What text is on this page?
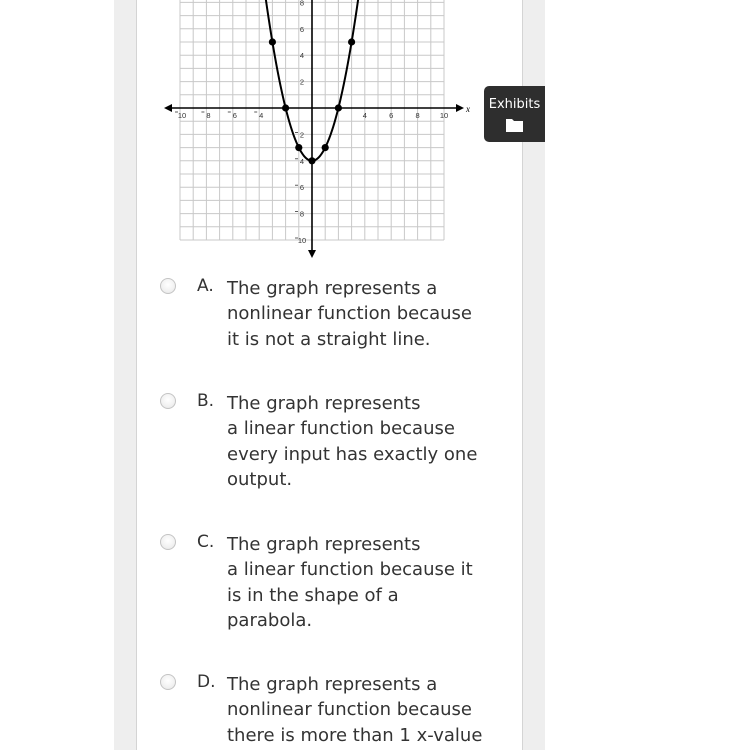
10	8	6	4	4	6	8	10
8
6
4
2
2
4
6
8
10
x	Exhibits
A. The graph represents a
nonlinear function because
it is not a straight line.
B. The graph represents
a linear function because
every input has exactly one
output.
C. The graph represents
a linear function because it
is in the shape of a
parabola.
D. The graph represents a
nonlinear function because
there is more than 1 x-value
